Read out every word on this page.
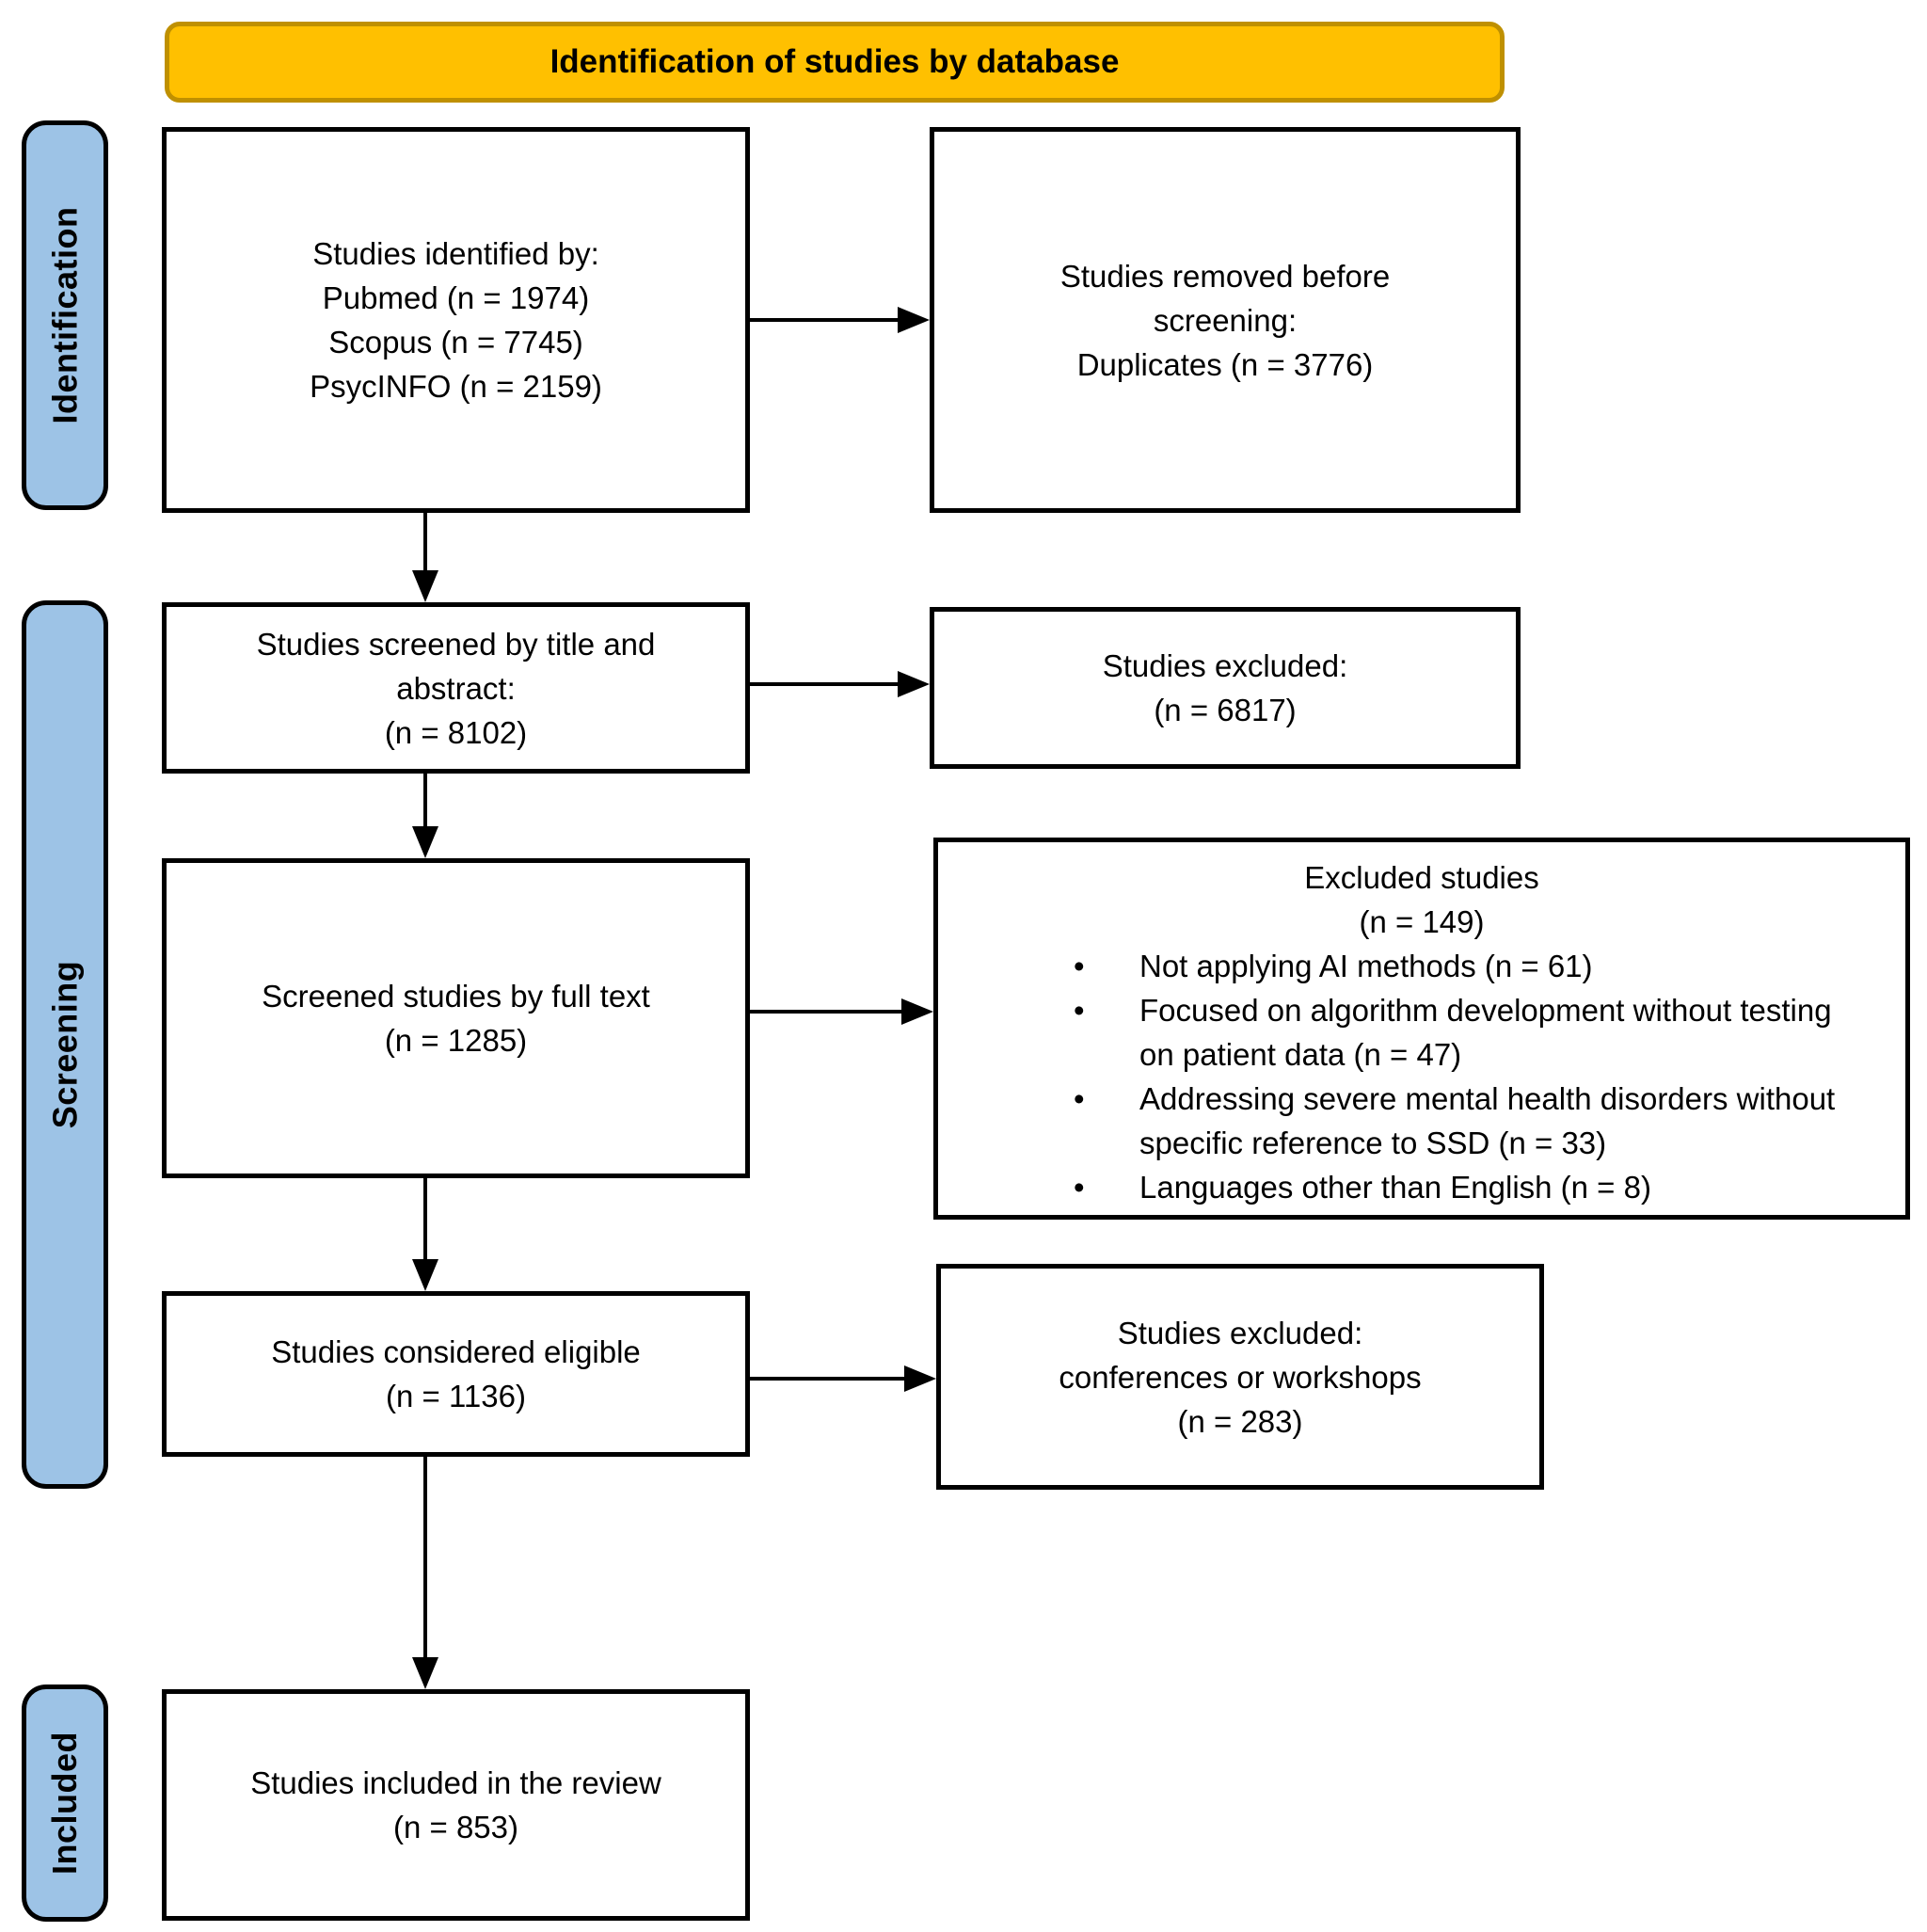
Identification of studies by database
Identification
Screening
Included
Studies identified by:
Pubmed (n = 1974)
Scopus (n = 7745)
PsycINFO (n = 2159)
Studies screened by title and
abstract:
(n = 8102)
Screened studies by full text
(n = 1285)
Studies considered eligible
(n = 1136)
Studies included in the review
(n = 853)
Studies removed before
screening:
Duplicates (n = 3776)
Studies excluded:
(n = 6817)
Excluded studies
(n = 149)
• Not applying AI methods (n = 61)
• Focused on algorithm development without testing on patient data (n = 47)
• Addressing severe mental health disorders without specific reference to SSD (n = 33)
• Languages other than English (n = 8)
Studies excluded:
conferences or workshops
(n = 283)
